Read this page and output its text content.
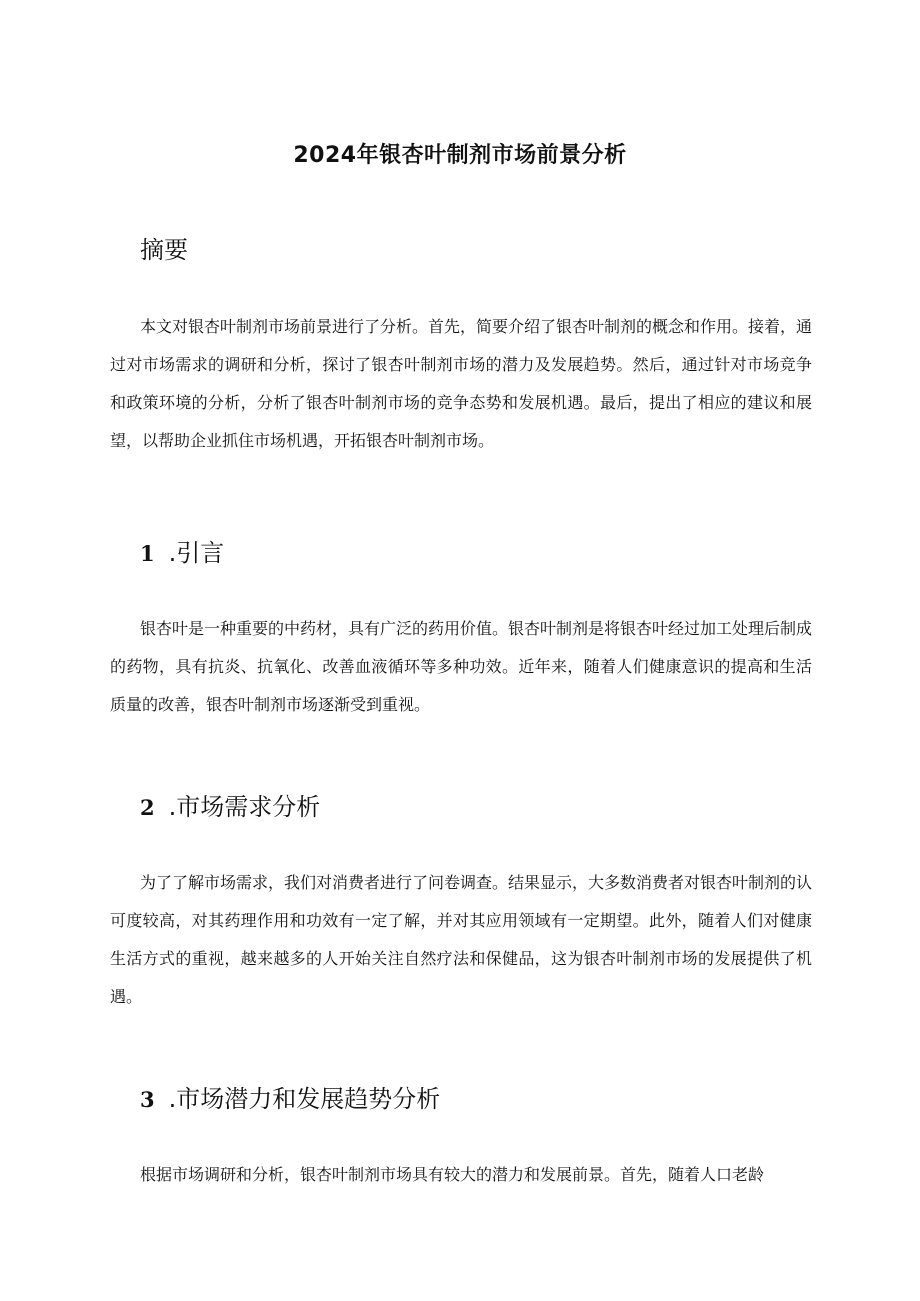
2024年银杏叶制剂市场前景分析
摘要

本文对银杏叶制剂市场前景进行了分析。首先，简要介绍了银杏叶制剂的概念和作用。接着，通过对市场需求的调研和分析，探讨了银杏叶制剂市场的潜力及发展趋势。然后，通过针对市场竞争和政策环境的分析，分析了银杏叶制剂市场的竞争态势和发展机遇。最后，提出了相应的建议和展望，以帮助企业抓住市场机遇，开拓银杏叶制剂市场。

1 .引言

银杏叶是一种重要的中药材，具有广泛的药用价值。银杏叶制剂是将银杏叶经过加工处理后制成的药物，具有抗炎、抗氧化、改善血液循环等多种功效。近年来，随着人们健康意识的提高和生活质量的改善，银杏叶制剂市场逐渐受到重视。

2 .市场需求分析

为了了解市场需求，我们对消费者进行了问卷调查。结果显示，大多数消费者对银杏叶制剂的认可度较高，对其药理作用和功效有一定了解，并对其应用领域有一定期望。此外，随着人们对健康生活方式的重视，越来越多的人开始关注自然疗法和保健品，这为银杏叶制剂市场的发展提供了机遇。

3 .市场潜力和发展趋势分析

根据市场调研和分析，银杏叶制剂市场具有较大的潜力和发展前景。首先，随着人口老龄
